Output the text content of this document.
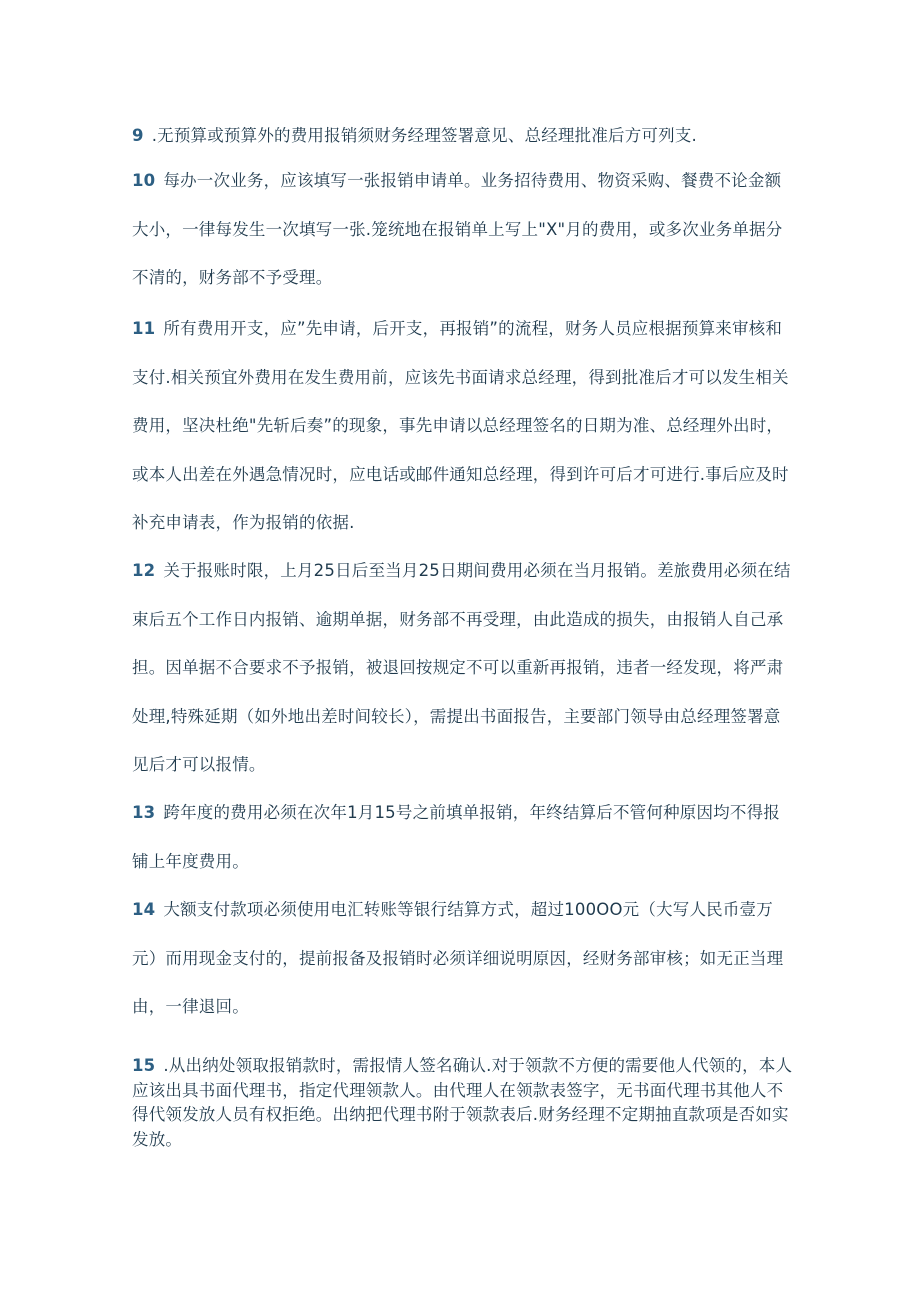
9 .无预算或预算外的费用报销须财务经理签署意见、总经理批准后方可列支.
10 每办一次业务，应该填写一张报销申请单。业务招待费用、物资采购、餐费不论金额大小，一律每发生一次填写一张.笼统地在报销单上写上"X"月的费用，或多次业务单据分不清的，财务部不予受理。
11 所有费用开支，应”先申请，后开支，再报销”的流程，财务人员应根据预算来审核和支付.相关预宜外费用在发生费用前，应该先书面请求总经理，得到批准后才可以发生相关费用，坚决杜绝"先斩后奏”的现象，事先申请以总经理签名的日期为准、总经理外出时，或本人出差在外遇急情况时，应电话或邮件通知总经理，得到许可后才可进行.事后应及时补充申请表，作为报销的依据.
12 关于报账时限，上月25日后至当月25日期间费用必须在当月报销。差旅费用必须在结束后五个工作日内报销、逾期单据，财务部不再受理，由此造成的损失，由报销人自己承担。因单据不合要求不予报销，被退回按规定不可以重新再报销，违者一经发现，将严肃处理,特殊延期（如外地出差时间较长），需提出书面报告，主要部门领导由总经理签署意见后才可以报情。
13 跨年度的费用必须在次年1月15号之前填单报销，年终结算后不管何种原因均不得报铺上年度费用。
14 大额支付款项必须使用电汇转账等银行结算方式，超过100OO元（大写人民币壹万元）而用现金支付的，提前报备及报销时必须详细说明原因，经财务部审核；如无正当理由，一律退回。
15 .从出纳处领取报销款时，需报情人签名确认.对于领款不方便的需要他人代领的，本人应该出具书面代理书，指定代理领款人。由代理人在领款表签字，无书面代理书其他人不得代领发放人员有权拒绝。出纳把代理书附于领款表后.财务经理不定期抽直款项是否如实发放。
